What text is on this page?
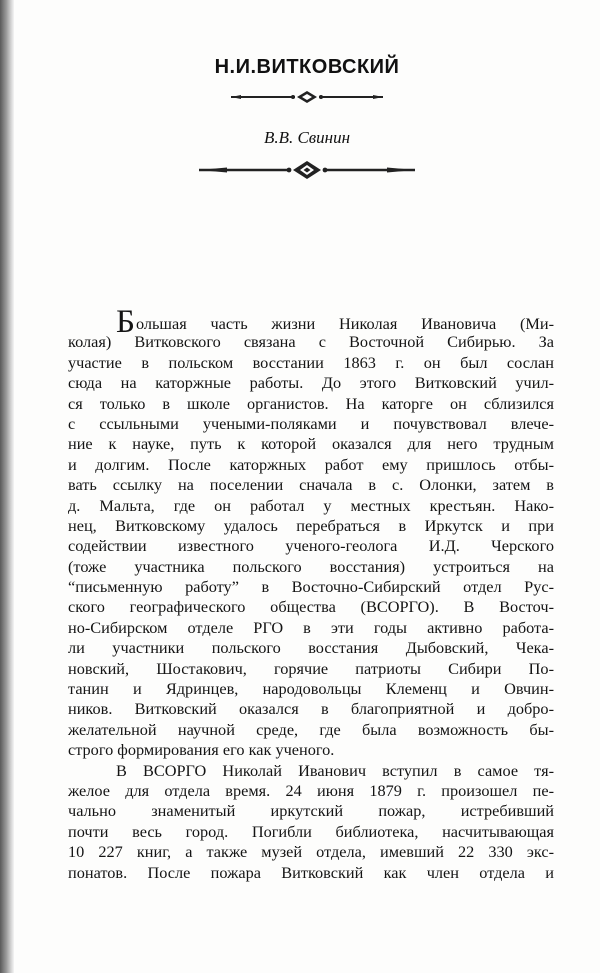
Н.И.ВИТКОВСКИЙ
В.В. Свинин
Большая часть жизни Николая Ивановича (Ми-
колая) Витковского связана с Восточной Сибирью. За
участие в польском восстании 1863 г. он был сослан
сюда на каторжные работы. До этого Витковский учил-
ся только в школе органистов. На каторге он сблизился
с ссыльными учеными-поляками и почувствовал влече-
ние к науке, путь к которой оказался для него трудным
и долгим. После каторжных работ ему пришлось отбы-
вать ссылку на поселении сначала в с. Олонки, затем в
д. Мальта, где он работал у местных крестьян. Нако-
нец, Витковскому удалось перебраться в Иркутск и при
содействии известного ученого-геолога И.Д. Черского
(тоже участника польского восстания) устроиться на
“письменную работу” в Восточно-Сибирский отдел Рус-
ского географического общества (ВСОРГО). В Восточ-
но-Сибирском отделе РГО в эти годы активно работа-
ли участники польского восстания Дыбовский, Чека-
новский, Шостакович, горячие патриоты Сибири По-
танин и Ядринцев, народовольцы Клеменц и Овчин-
ников. Витковский оказался в благоприятной и добро-
желательной научной среде, где была возможность бы-
строго формирования его как ученого.
В ВСОРГО Николай Иванович вступил в самое тя-
желое для отдела время. 24 июня 1879 г. произошел пе-
чально знаменитый иркутский пожар, истребивший
почти весь город. Погибли библиотека, насчитывающая
10 227 книг, а также музей отдела, имевший 22 330 экс-
понатов. После пожара Витковский как член отдела и
